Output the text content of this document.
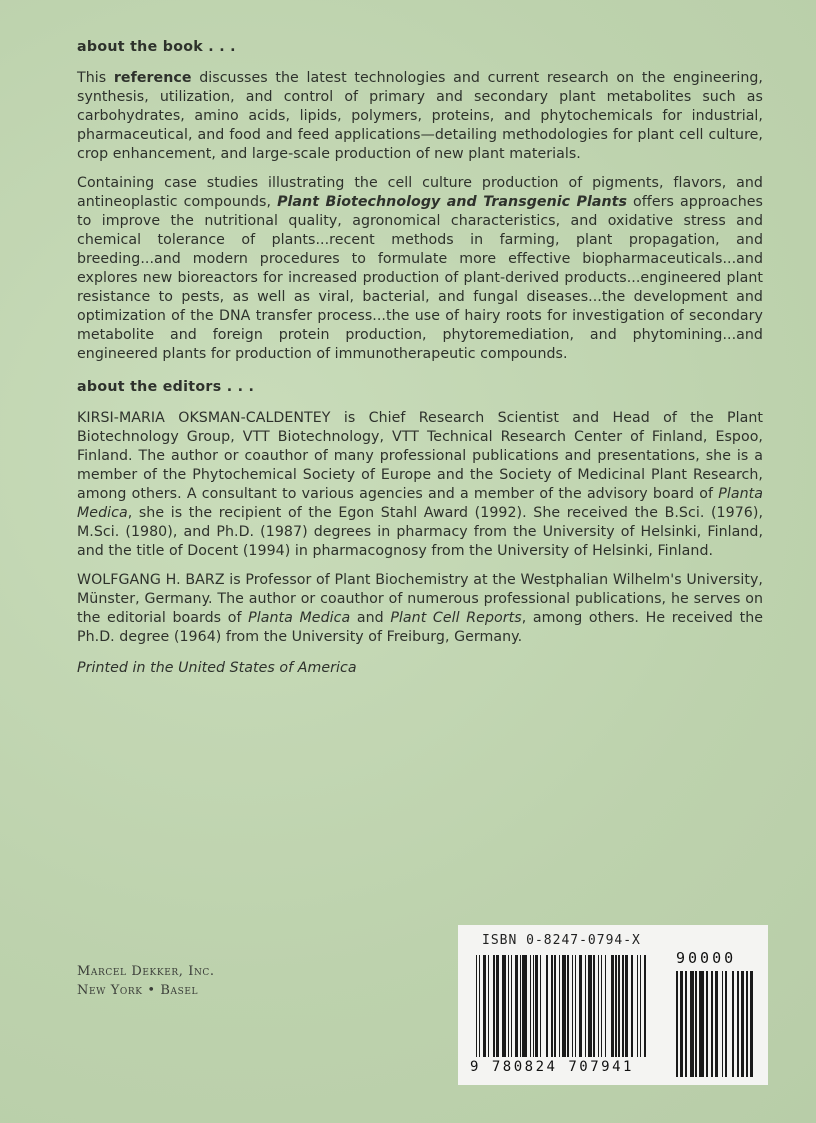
about the book . . .

This reference discusses the latest technologies and current research on the engineering, synthesis, utilization, and control of primary and secondary plant metabolites such as carbohydrates, amino acids, lipids, polymers, proteins, and phytochemicals for industrial, pharmaceutical, and food and feed applications—detailing methodologies for plant cell culture, crop enhancement, and large-scale production of new plant materials.

Containing case studies illustrating the cell culture production of pigments, flavors, and antineoplastic compounds, Plant Biotechnology and Transgenic Plants offers approaches to improve the nutritional quality, agronomical characteristics, and oxidative stress and chemical tolerance of plants...recent methods in farming, plant propagation, and breeding...and modern procedures to formulate more effective biopharmaceuticals...and explores new bioreactors for increased production of plant-derived products...engineered plant resistance to pests, as well as viral, bacterial, and fungal diseases...the development and optimization of the DNA transfer process...the use of hairy roots for investigation of secondary metabolite and foreign protein production, phytoremediation, and phytomining...and engineered plants for production of immunotherapeutic compounds.

about the editors . . .

KIRSI-MARIA OKSMAN-CALDENTEY is Chief Research Scientist and Head of the Plant Biotechnology Group, VTT Biotechnology, VTT Technical Research Center of Finland, Espoo, Finland. The author or coauthor of many professional publications and presentations, she is a member of the Phytochemical Society of Europe and the Society of Medicinal Plant Research, among others. A consultant to various agencies and a member of the advisory board of Planta Medica, she is the recipient of the Egon Stahl Award (1992). She received the B.Sci. (1976), M.Sci. (1980), and Ph.D. (1987) degrees in pharmacy from the University of Helsinki, Finland, and the title of Docent (1994) in pharmacognosy from the University of Helsinki, Finland.

WOLFGANG H. BARZ is Professor of Plant Biochemistry at the Westphalian Wilhelm's University, Münster, Germany. The author or coauthor of numerous professional publications, he serves on the editorial boards of Planta Medica and Plant Cell Reports, among others. He received the Ph.D. degree (1964) from the University of Freiburg, Germany.

Printed in the United States of America

Marcel Dekker, Inc.
New York • Basel
ISBN 0-8247-0794-X
9 780824 707941
90000
